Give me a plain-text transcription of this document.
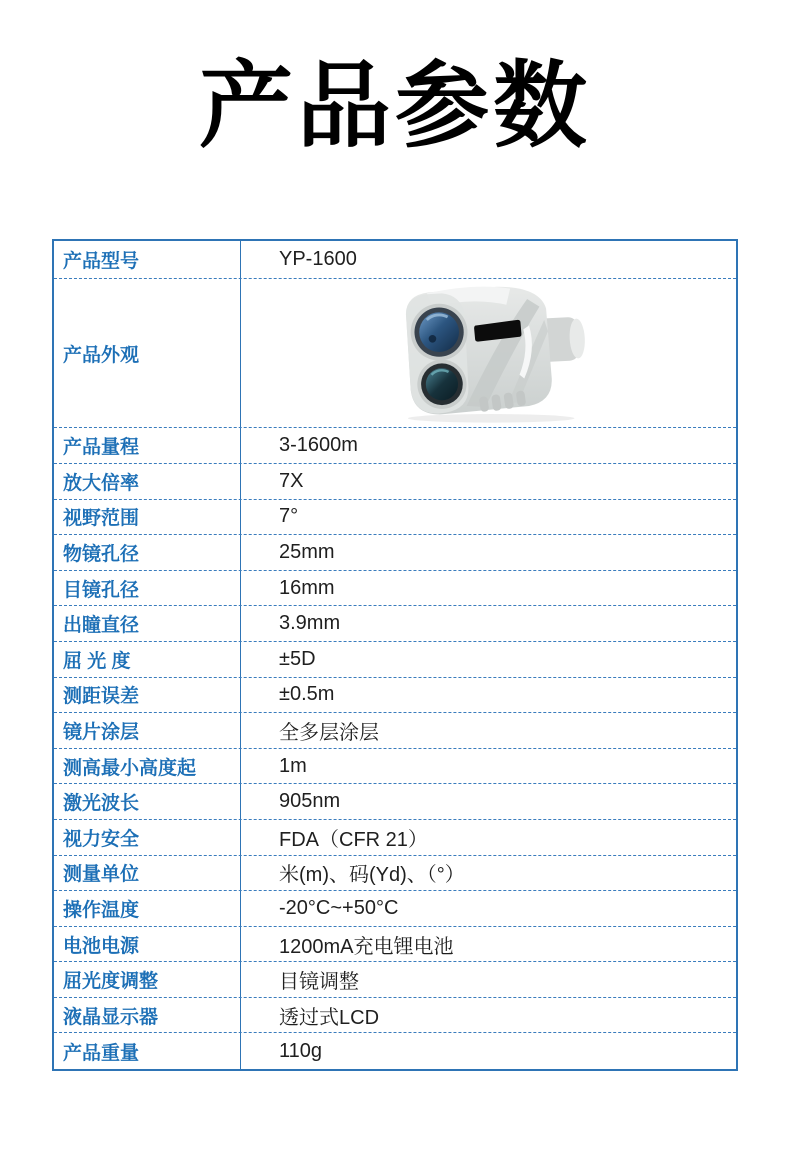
产品参数
产品型号	YP-1600
产品外观
产品量程	3-1600m
放大倍率	7X
视野范围	7°
物镜孔径	25mm
目镜孔径	16mm
出瞳直径	3.9mm
屈 光 度	±5D
测距误差	±0.5m
镜片涂层	全多层涂层
测高最小高度起	1m
激光波长	905nm
视力安全	FDA（CFR 21）
测量单位	米(m)、码(Yd)、（°）
操作温度	-20°C~+50°C
电池电源	1200mA充电锂电池
屈光度调整	目镜调整
液晶显示器	透过式LCD
产品重量	110g
